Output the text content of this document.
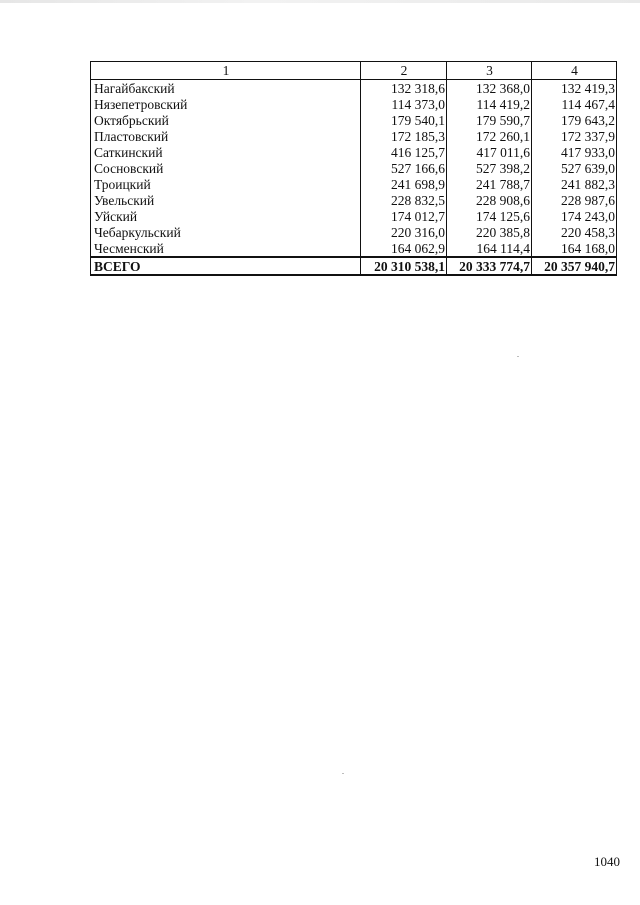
1	2	3	4
Нагайбакский	132 318,6	132 368,0	132 419,3
Нязепетровский	114 373,0	114 419,2	114 467,4
Октябрьский	179 540,1	179 590,7	179 643,2
Пластовский	172 185,3	172 260,1	172 337,9
Саткинский	416 125,7	417 011,6	417 933,0
Сосновский	527 166,6	527 398,2	527 639,0
Троицкий	241 698,9	241 788,7	241 882,3
Увельский	228 832,5	228 908,6	228 987,6
Уйский	174 012,7	174 125,6	174 243,0
Чебаркульский	220 316,0	220 385,8	220 458,3
Чесменский	164 062,9	164 114,4	164 168,0
ВСЕГО	20 310 538,1	20 333 774,7	20 357 940,7
1040
